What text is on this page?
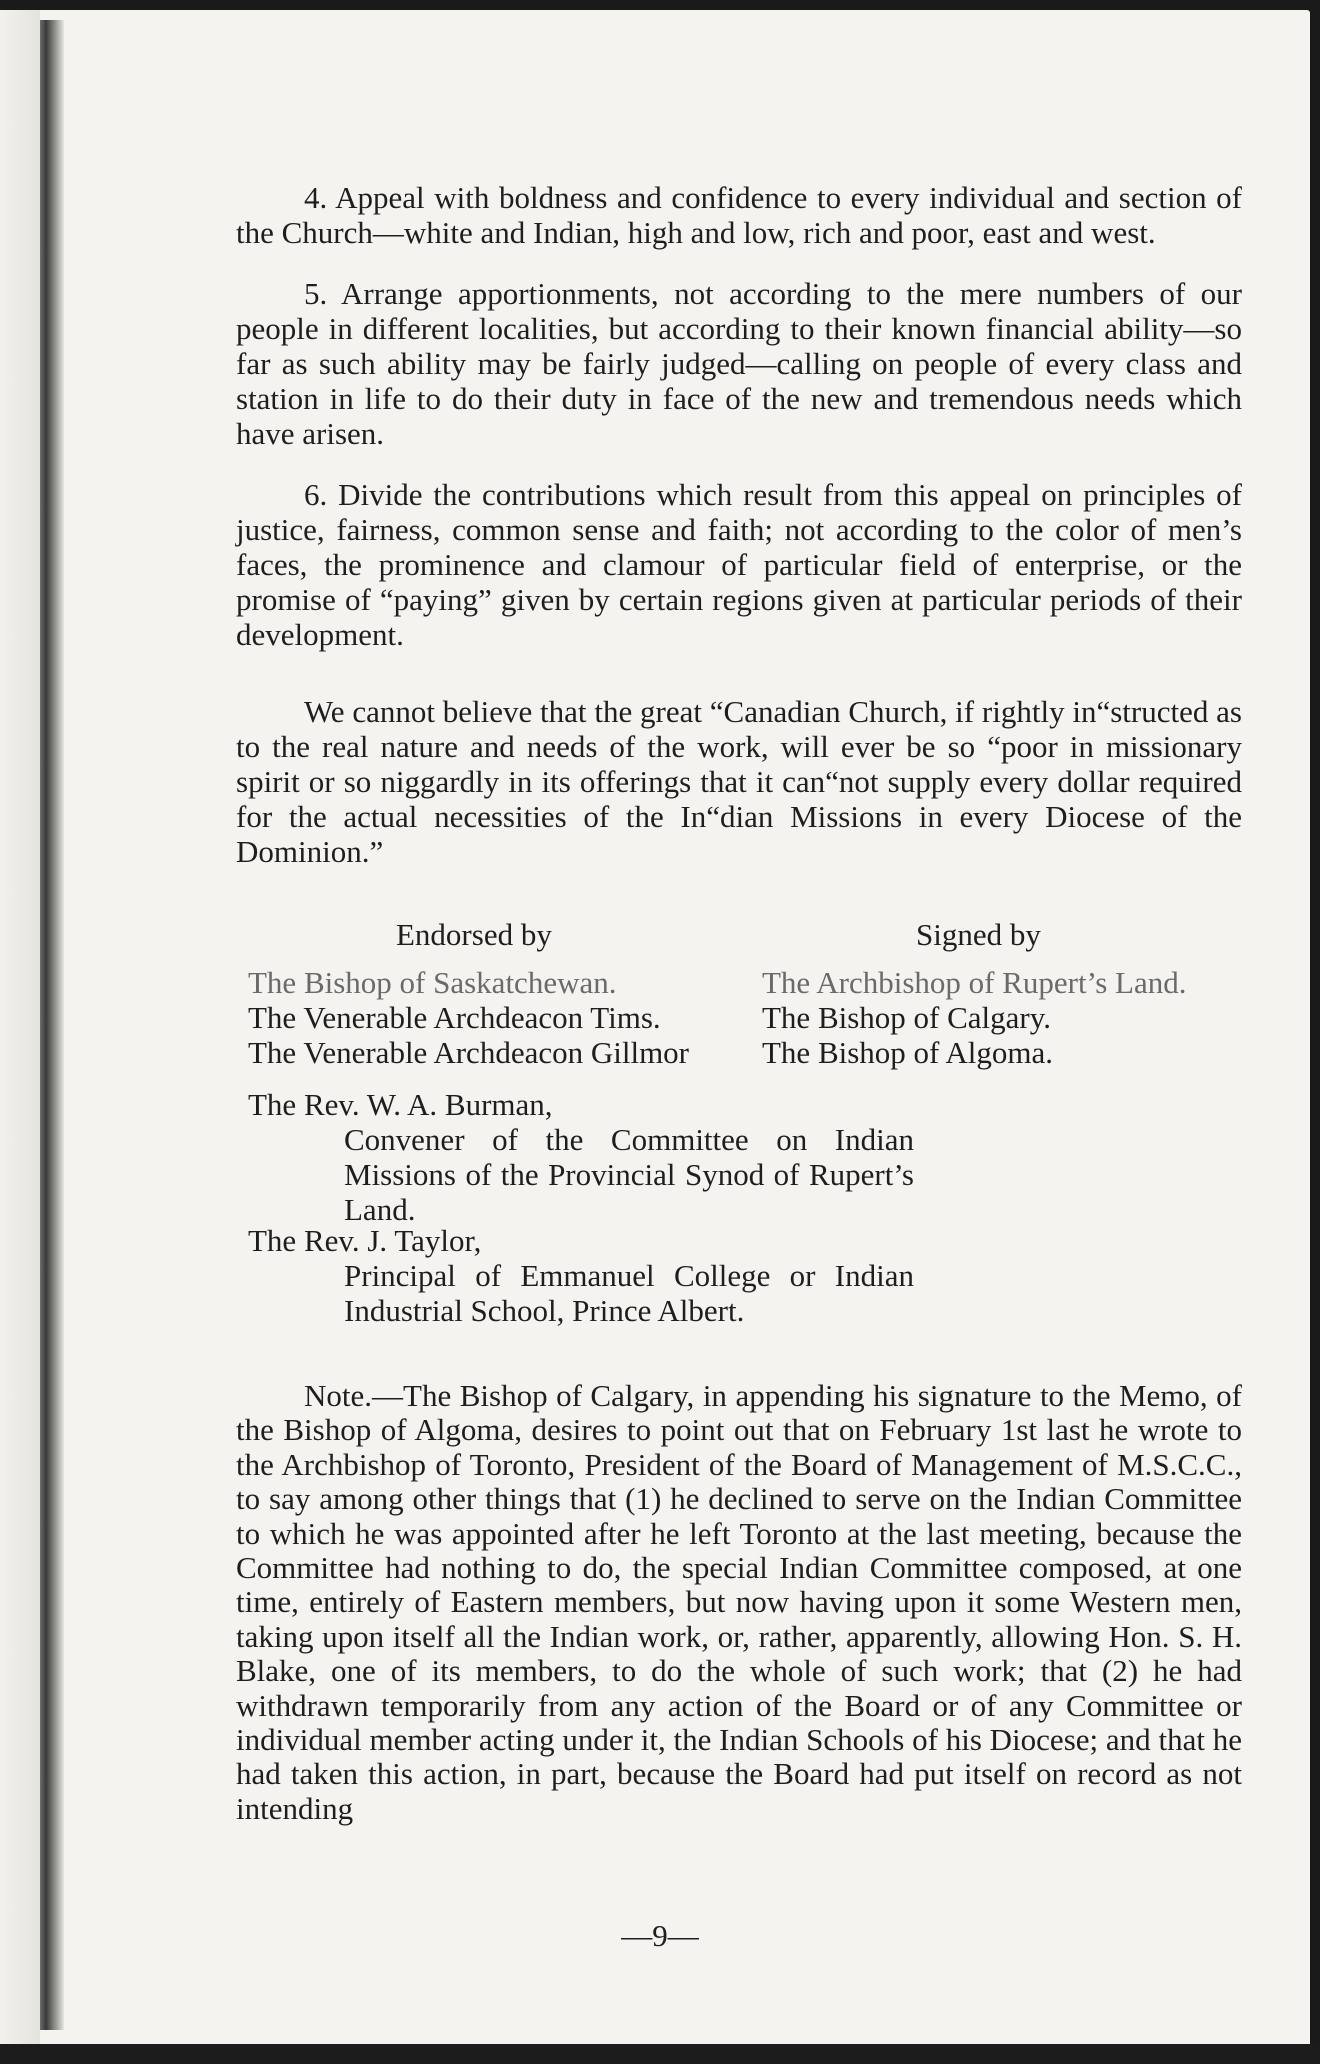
4. Appeal with boldness and confidence to every individual and section of the Church—white and Indian, high and low, rich and poor, east and west.

5. Arrange apportionments, not according to the mere numbers of our people in different localities, but according to their known financial ability—so far as such ability may be fairly judged—calling on people of every class and station in life to do their duty in face of the new and tremendous needs which have arisen.

6. Divide the contributions which result from this appeal on principles of justice, fairness, common sense and faith; not according to the color of men’s faces, the prominence and clamour of particular field of enterprise, or the promise of “paying” given by certain regions given at particular periods of their development.

We cannot believe that the great “Canadian Church, if rightly in“structed as to the real nature and needs of the work, will ever be so “poor in missionary spirit or so niggardly in its offerings that it can“not supply every dollar required for the actual necessities of the In“dian Missions in every Diocese of the Dominion.”

Endorsed by	Signed by
The Bishop of Saskatchewan.
The Venerable Archdeacon Tims.
The Venerable Archdeacon Gillmor
The Archbishop of Rupert’s Land.
The Bishop of Calgary.
The Bishop of Algoma.
The Rev. W. A. Burman,
Convener of the Committee on Indian Missions of the Provincial Synod of Rupert’s Land.
The Rev. J. Taylor,
Principal of Emmanuel College or Indian Industrial School, Prince Albert.

Note.—The Bishop of Calgary, in appending his signature to the Memo, of the Bishop of Algoma, desires to point out that on February 1st last he wrote to the Archbishop of Toronto, President of the Board of Management of M.S.C.C., to say among other things that (1) he declined to serve on the Indian Committee to which he was appointed after he left Toronto at the last meeting, because the Committee had nothing to do, the special Indian Committee composed, at one time, entirely of Eastern members, but now having upon it some Western men, taking upon itself all the Indian work, or, rather, apparently, allowing Hon. S. H. Blake, one of its members, to do the whole of such work; that (2) he had withdrawn temporarily from any action of the Board or of any Committee or individual member acting under it, the Indian Schools of his Diocese; and that he had taken this action, in part, because the Board had put itself on record as not intending

—9—
